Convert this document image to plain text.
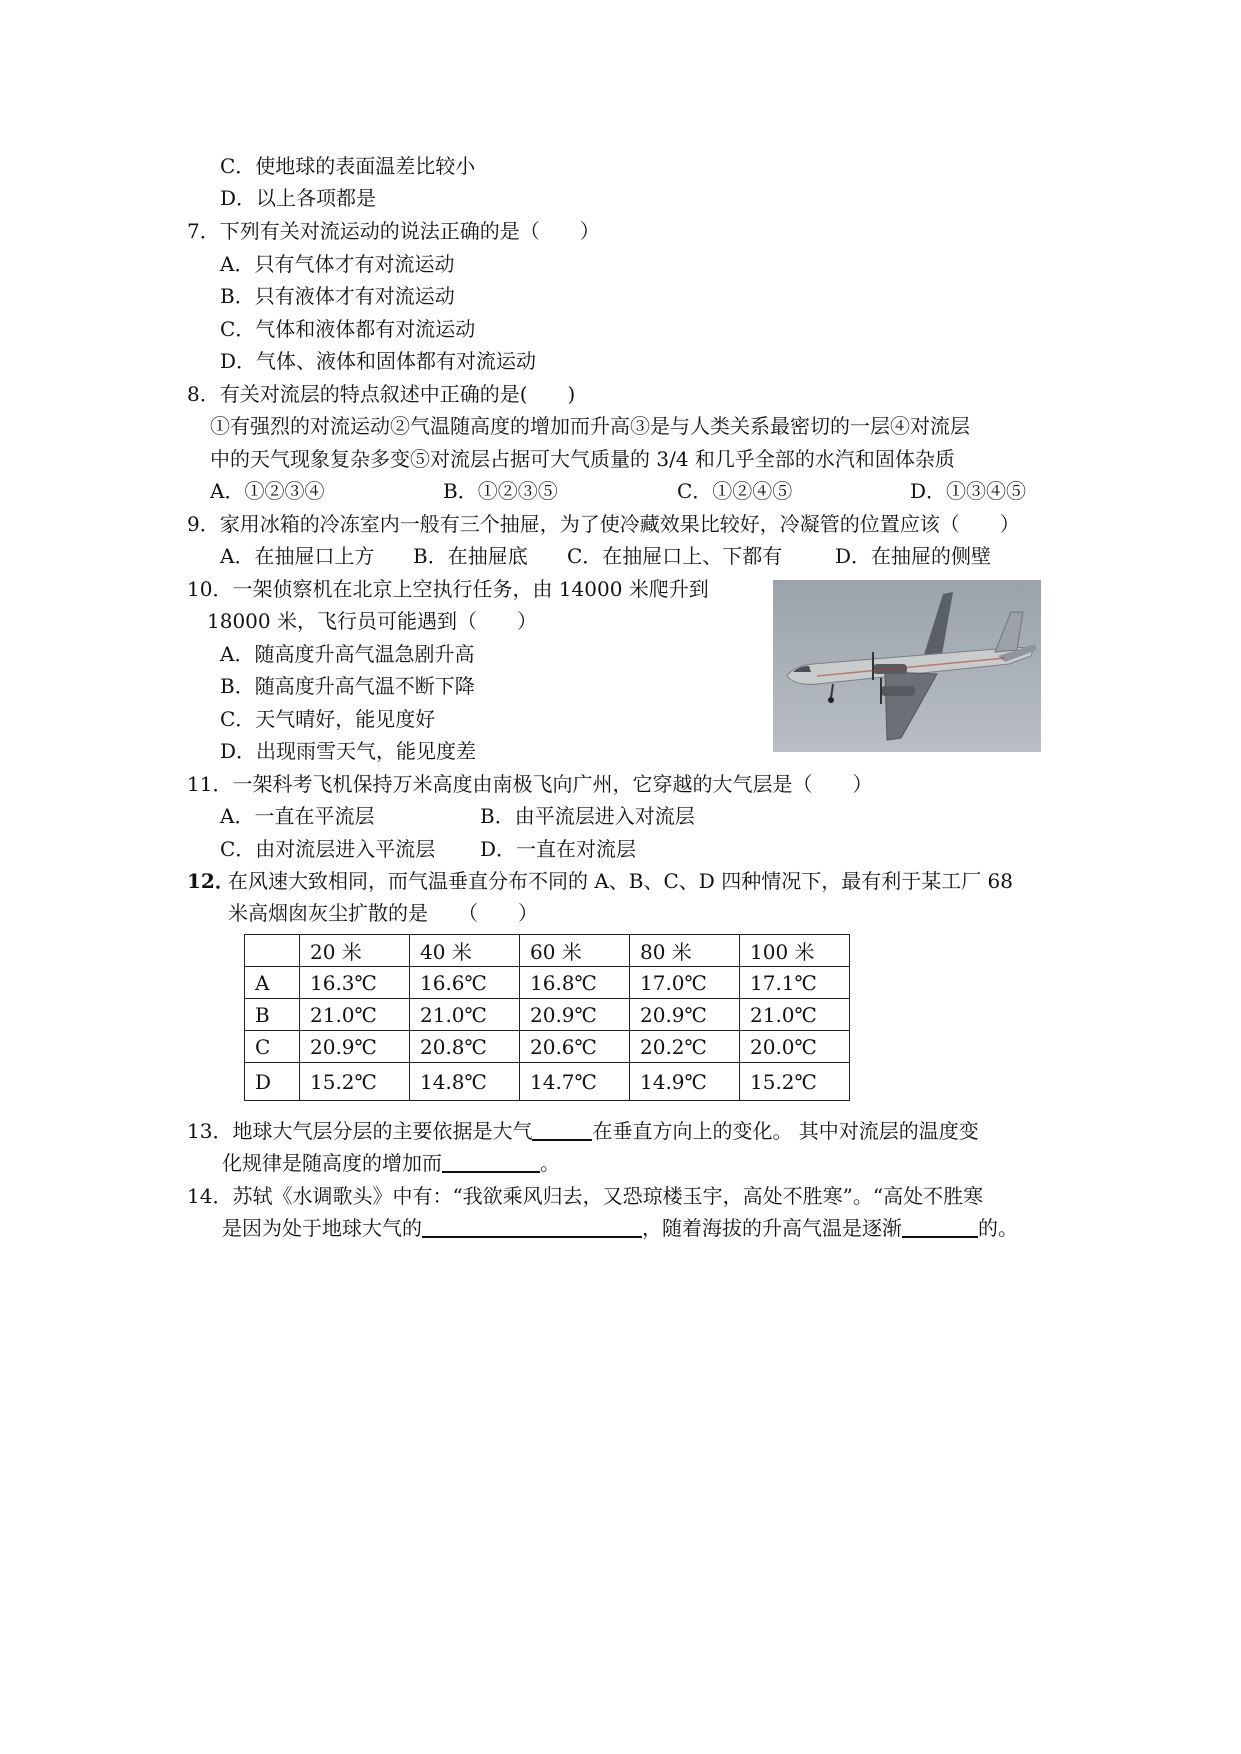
C．使地球的表面温差比较小
D．以上各项都是
7．下列有关对流运动的说法正确的是（　　）
A．只有气体才有对流运动
B．只有液体才有对流运动
C．气体和液体都有对流运动
D．气体、液体和固体都有对流运动
8．有关对流层的特点叙述中正确的是(　　)
①有强烈的对流运动②气温随高度的增加而升高③是与人类关系最密切的一层④对流层
中的天气现象复杂多变⑤对流层占据可大气质量的 3/4 和几乎全部的水汽和固体杂质
A．①②③④	B．①②③⑤	C．①②④⑤	D．①③④⑤
9．家用冰箱的冷冻室内一般有三个抽屉，为了使冷藏效果比较好，冷凝管的位置应该（　　）
A．在抽屉口上方 B．在抽屉底 C．在抽屉口上、下都有	D．在抽屉的侧壁
10．一架侦察机在北京上空执行任务，由 14000 米爬升到
18000 米，飞行员可能遇到（　　）
A．随高度升高气温急剧升高
B．随高度升高气温不断下降
C．天气晴好，能见度好
D．出现雨雪天气，能见度差
11．一架科考飞机保持万米高度由南极飞向广州，它穿越的大气层是（　　）
A．一直在平流层	B．由平流层进入对流层
C．由对流层进入平流层 D．一直在对流层
12．
在风速大致相同，而气温垂直分布不同的 A、B、C、D 四种情况下，最有利于某工厂 68
米高烟囱灰尘扩散的是　　（　　）
	20 米	40 米	60 米	80 米	100 米
A	16.3℃	16.6℃	16.8℃	17.0℃	17.1℃
B	21.0℃	21.0℃	20.9℃	20.9℃	21.0℃
C	20.9℃	20.8℃	20.6℃	20.2℃	20.0℃
D	15.2℃	14.8℃	14.7℃	14.9℃	15.2℃
13．地球大气层分层的主要依据是大气	在垂直方向上的变化。 其中对流层的温度变
化规律是随高度的增加而	。
14．苏轼《水调歌头》中有：“我欲乘风归去，又恐琼楼玉宇，高处不胜寒”。“高处不胜寒
是因为处于地球大气的	，随着海拔的升高气温是逐渐	的。
